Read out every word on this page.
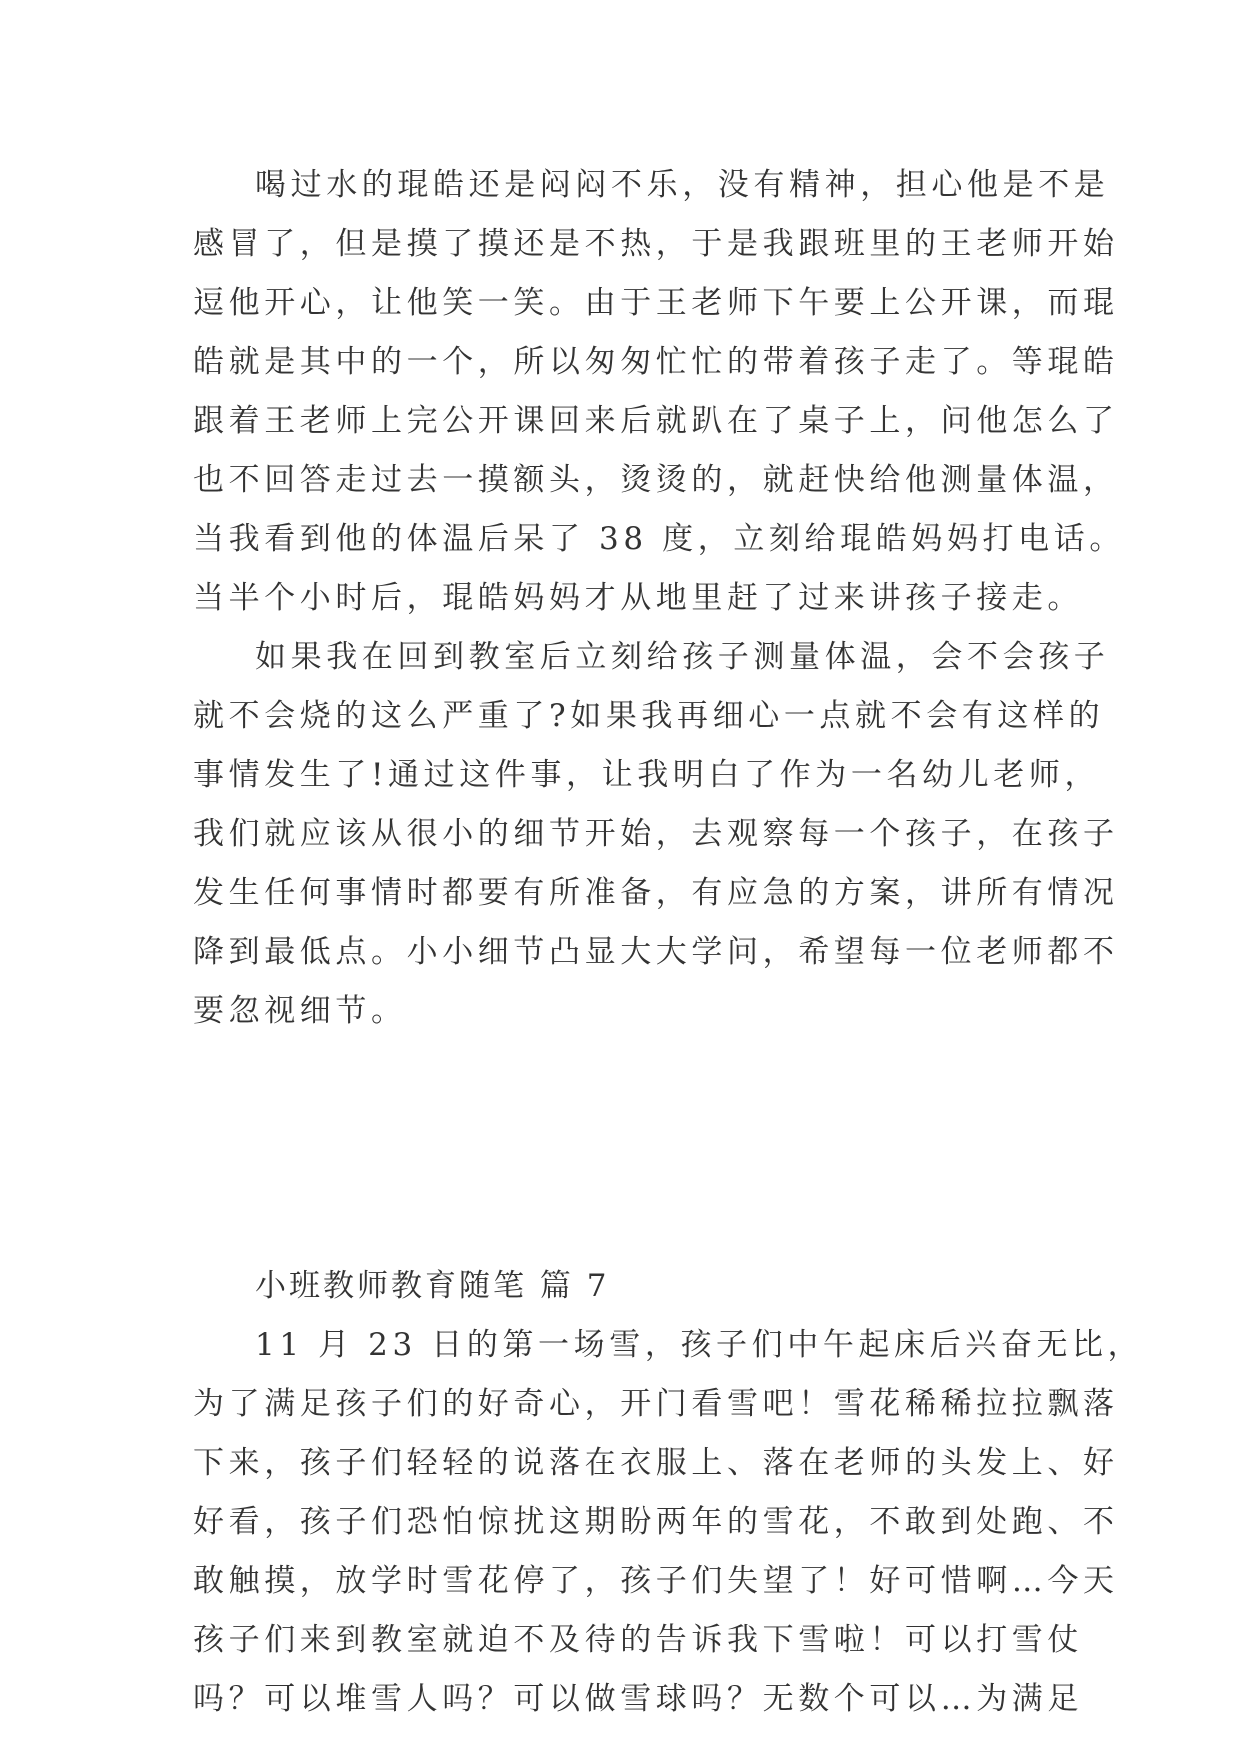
喝过水的琨皓还是闷闷不乐，没有精神，担心他是不是
感冒了，但是摸了摸还是不热，于是我跟班里的王老师开始
逗他开心，让他笑一笑。由于王老师下午要上公开课，而琨
皓就是其中的一个，所以匆匆忙忙的带着孩子走了。等琨皓
跟着王老师上完公开课回来后就趴在了桌子上，问他怎么了
也不回答走过去一摸额头，烫烫的，就赶快给他测量体温，
当我看到他的体温后呆了 38 度，立刻给琨皓妈妈打电话。
当半个小时后，琨皓妈妈才从地里赶了过来讲孩子接走。
如果我在回到教室后立刻给孩子测量体温，会不会孩子
就不会烧的这么严重了?如果我再细心一点就不会有这样的
事情发生了!通过这件事，让我明白了作为一名幼儿老师，
我们就应该从很小的细节开始，去观察每一个孩子，在孩子
发生任何事情时都要有所准备，有应急的方案，讲所有情况
降到最低点。小小细节凸显大大学问，希望每一位老师都不
要忽视细节。
小班教师教育随笔 篇 7
11 月 23 日的第一场雪，孩子们中午起床后兴奋无比，
为了满足孩子们的好奇心，开门看雪吧！雪花稀稀拉拉飘落
下来，孩子们轻轻的说落在衣服上、落在老师的头发上、好
好看，孩子们恐怕惊扰这期盼两年的雪花，不敢到处跑、不
敢触摸，放学时雪花停了，孩子们失望了！好可惜啊…今天
孩子们来到教室就迫不及待的告诉我下雪啦！可以打雪仗
吗？可以堆雪人吗？可以做雪球吗？无数个可以…为满足
